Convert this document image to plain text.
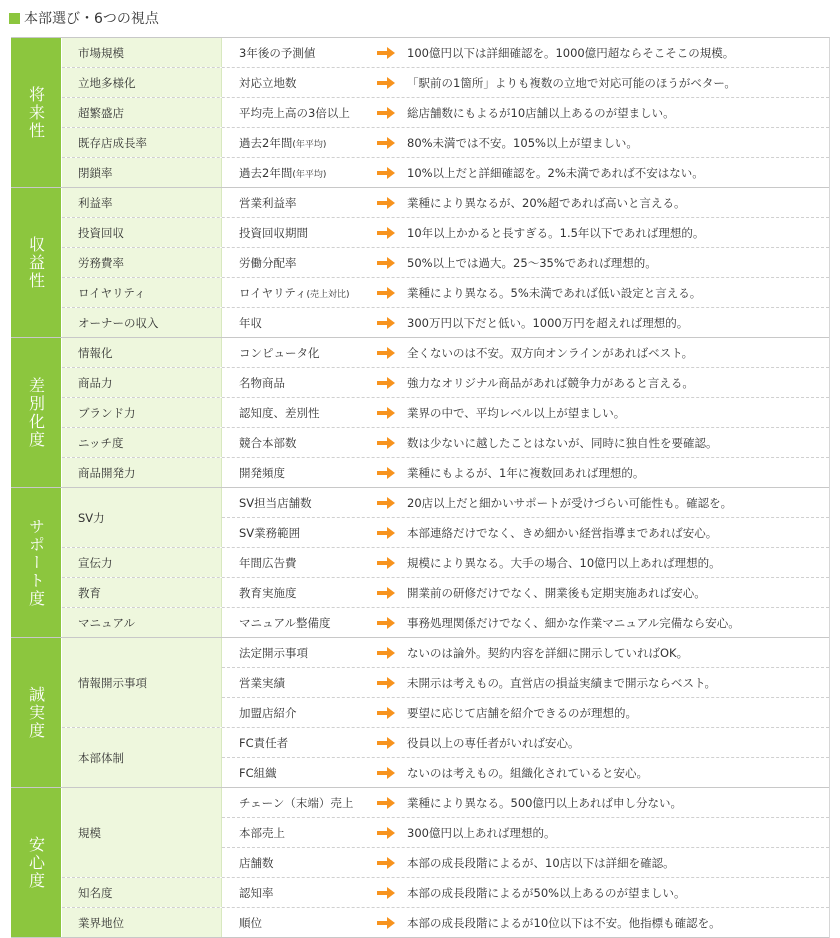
本部選び・6つの視点
将来性
市場規模	3年後の予測値	100億円以下は詳細確認を。1000億円超ならそこそこの規模。
立地多様化	対応立地数	「駅前の1箇所」よりも複数の立地で対応可能のほうがベター。
超繁盛店	平均売上高の3倍以上	総店舗数にもよるが10店舗以上あるのが望ましい。
既存店成長率	過去2年間(年平均)	80%未満では不安。105%以上が望ましい。
閉鎖率	過去2年間(年平均)	10%以上だと詳細確認を。2%未満であれば不安はない。
収益性
利益率	営業利益率	業種により異なるが、20%超であれば高いと言える。
投資回収	投資回収期間	10年以上かかると長すぎる。1.5年以下であれば理想的。
労務費率	労働分配率	50%以上では過大。25〜35%であれば理想的。
ロイヤリティ	ロイヤリティ(売上対比)	業種により異なる。5%未満であれば低い設定と言える。
オーナーの収入	年収	300万円以下だと低い。1000万円を超えれば理想的。
差別化度
情報化	コンピュータ化	全くないのは不安。双方向オンラインがあればベスト。
商品力	名物商品	強力なオリジナル商品があれば競争力があると言える。
ブランド力	認知度、差別性	業界の中で、平均レベル以上が望ましい。
ニッチ度	競合本部数	数は少ないに越したことはないが、同時に独自性を要確認。
商品開発力	開発頻度	業種にもよるが、1年に複数回あれば理想的。
サポート度	SV力
SV担当店舗数	20店以上だと細かいサポートが受けづらい可能性も。確認を。
SV業務範囲	本部連絡だけでなく、きめ細かい経営指導まであれば安心。
宣伝力	年間広告費	規模により異なる。大手の場合、10億円以上あれば理想的。
教育	教育実施度	開業前の研修だけでなく、開業後も定期実施あれば安心。
マニュアル	マニュアル整備度	事務処理関係だけでなく、細かな作業マニュアル完備なら安心。
誠実度
情報開示事項
法定開示事項	ないのは論外。契約内容を詳細に開示していればOK。
営業実績	未開示は考えもの。直営店の損益実績まで開示ならベスト。
加盟店紹介	要望に応じて店舗を紹介できるのが理想的。
本部体制
FC責任者	役員以上の専任者がいれば安心。
FC組織	ないのは考えもの。組織化されていると安心。
安心度
規模
チェーン（末端）売上	業種により異なる。500億円以上あれば申し分ない。
本部売上	300億円以上あれば理想的。
店舗数	本部の成長段階によるが、10店以下は詳細を確認。
知名度	認知率	本部の成長段階によるが50%以上あるのが望ましい。
業界地位	順位	本部の成長段階によるが10位以下は不安。他指標も確認を。
